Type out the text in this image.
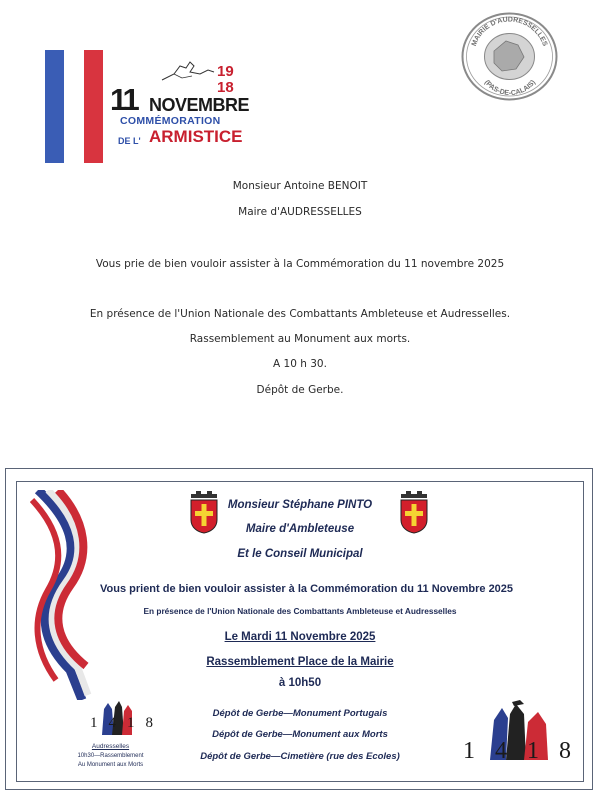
19
18
11 NOVEMBRE
COMMÉMORATION
DE L' ARMISTICE
MAIRIE D'AUDRESSELLES
(PAS-DE-CALAIS)
Monsieur Antoine BENOIT
Maire d'AUDRESSELLES
Vous prie de bien vouloir assister à la Commémoration du 11 novembre 2025
En présence de l'Union Nationale des Combattants Ambleteuse et Audresselles.
Rassemblement au Monument aux morts.
A 10 h 30.
Dépôt de Gerbe.
Monsieur Stéphane PINTO
Maire d'Ambleteuse
Et le Conseil Municipal
Vous prient de bien vouloir assister à la Commémoration du 11 Novembre 2025
En présence de l'Union Nationale des Combattants Ambleteuse et Audresselles
Le Mardi 11 Novembre 2025
Rassemblement Place de la Mairie
à 10h50
Dépôt de Gerbe—Monument Portugais
Dépôt de Gerbe—Monument aux Morts
Dépôt de Gerbe—Cimetière (rue des Ecoles)
1418
Audresselles
10h30—Rassemblement
Au Monument aux Morts
1418
